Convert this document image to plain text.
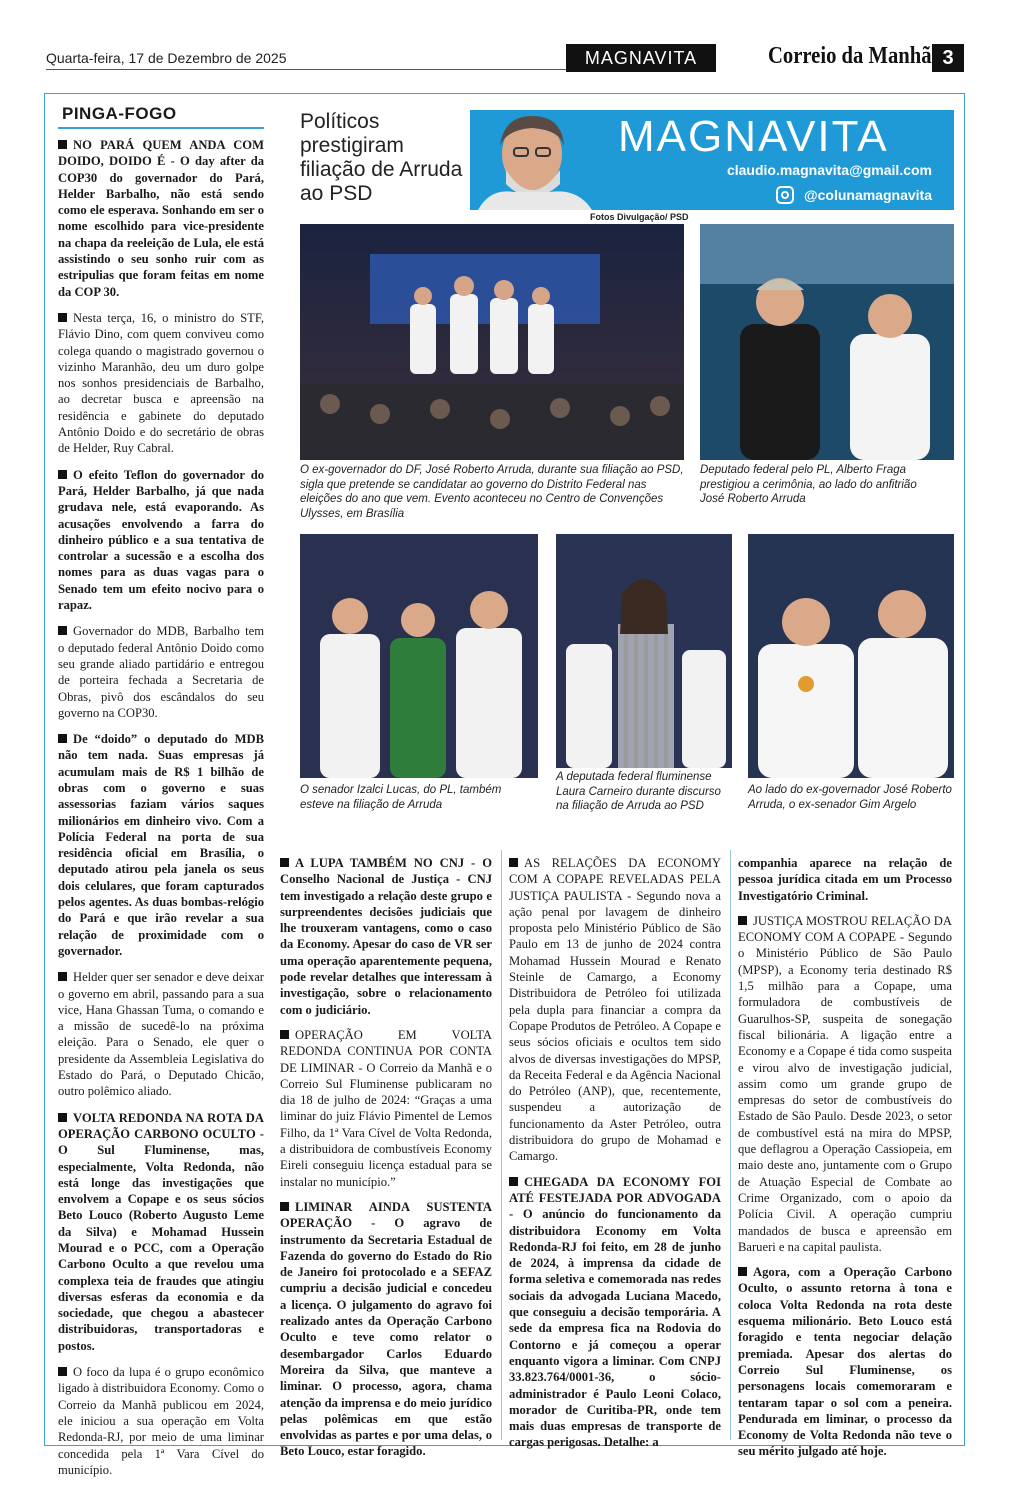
Quarta-feira, 17 de Dezembro de 2025	MAGNAVITA	Correio da Manhã 3
PINGA-FOGO

NO PARÁ QUEM ANDA COM DOIDO, DOIDO É - O day after da COP30 do governador do Pará, Helder Barbalho, não está sendo como ele esperava. Sonhando em ser o nome escolhido para vice-presidente na chapa da reeleição de Lula, ele está assistindo o seu sonho ruir com as estripulias que foram feitas em nome da COP 30.

Nesta terça, 16, o ministro do STF, Flávio Dino, com quem conviveu como colega quando o magistrado governou o vizinho Maranhão, deu um duro golpe nos sonhos presidenciais de Barbalho, ao decretar busca e apreensão na residência e gabinete do deputado Antônio Doido e do secretário de obras de Helder, Ruy Cabral.

O efeito Teflon do governador do Pará, Helder Barbalho, já que nada grudava nele, está evaporando. As acusações envolvendo a farra do dinheiro público e a sua tentativa de controlar a sucessão e a escolha dos nomes para as duas vagas para o Senado tem um efeito nocivo para o rapaz.

Governador do MDB, Barbalho tem o deputado federal Antônio Doido como seu grande aliado partidário e entregou de porteira fechada a Secretaria de Obras, pivô dos escândalos do seu governo na COP30.

De “doido” o deputado do MDB não tem nada. Suas empresas já acumulam mais de R$ 1 bilhão de obras com o governo e suas assessorias faziam vários saques milionários em dinheiro vivo. Com a Polícia Federal na porta de sua residência oficial em Brasília, o deputado atirou pela janela os seus dois celulares, que foram capturados pelos agentes. As duas bombas-relógio do Pará e que irão revelar a sua relação de proximidade com o governador.

Helder quer ser senador e deve deixar o governo em abril, passando para a sua vice, Hana Ghassan Tuma, o comando e a missão de sucedê-lo na próxima eleição. Para o Senado, ele quer o presidente da Assembleia Legislativa do Estado do Pará, o Deputado Chicão, outro polêmico aliado.

VOLTA REDONDA NA ROTA DA OPERAÇÃO CARBONO OCULTO - O Sul Fluminense, mas, especialmente, Volta Redonda, não está longe das investigações que envolvem a Copape e os seus sócios Beto Louco (Roberto Augusto Leme da Silva) e Mohamad Hussein Mourad e o PCC, com a Operação Carbono Oculto a que revelou uma complexa teia de fraudes que atingiu diversas esferas da economia e da sociedade, que chegou a abastecer distribuidoras, transportadoras e postos.

O foco da lupa é o grupo econômico ligado à distribuidora Economy. Como o Correio da Manhã publicou em 2024, ele iniciou a sua operação em Volta Redonda-RJ, por meio de uma liminar concedida pela 1ª Vara Cível do município.

Políticos prestigiram filiação de Arruda ao PSD
MAGNAVITA
claudio.magnavita@gmail.com
@colunamagnavita
Fotos Divulgação/ PSD
O ex-governador do DF, José Roberto Arruda, durante sua filiação ao PSD, sigla que pretende se candidatar ao governo do Distrito Federal nas eleições do ano que vem. Evento aconteceu no Centro de Convenções Ulysses, em Brasília
Deputado federal pelo PL, Alberto Fraga prestigiou a cerimônia, ao lado do anfitrião José Roberto Arruda
O senador Izalci Lucas, do PL, também esteve na filiação de Arruda
A deputada federal fluminense Laura Carneiro durante discurso na filiação de Arruda ao PSD
Ao lado do ex-governador José Roberto Arruda, o ex-senador Gim Argelo

A LUPA TAMBÉM NO CNJ - O Conselho Nacional de Justiça - CNJ tem investigado a relação deste grupo e surpreendentes decisões judiciais que lhe trouxeram vantagens, como o caso da Economy. Apesar do caso de VR ser uma operação aparentemente pequena, pode revelar detalhes que interessam à investigação, sobre o relacionamento com o judiciário.

OPERAÇÃO EM VOLTA REDONDA CONTINUA POR CONTA DE LIMINAR - O Correio da Manhã e o Correio Sul Fluminense publicaram no dia 18 de julho de 2024: “Graças a uma liminar do juiz Flávio Pimentel de Lemos Filho, da 1ª Vara Cível de Volta Redonda, a distribuidora de combustíveis Economy Eireli conseguiu licença estadual para se instalar no município.”

LIMINAR AINDA SUSTENTA OPERAÇÃO - O agravo de instrumento da Secretaria Estadual de Fazenda do governo do Estado do Rio de Janeiro foi protocolado e a SEFAZ cumpriu a decisão judicial e concedeu a licença. O julgamento do agravo foi realizado antes da Operação Carbono Oculto e teve como relator o desembargador Carlos Eduardo Moreira da Silva, que manteve a liminar. O processo, agora, chama atenção da imprensa e do meio jurídico pelas polêmicas em que estão envolvidas as partes e por uma delas, o Beto Louco, estar foragido.

AS RELAÇÕES DA ECONOMY COM A COPAPE REVELADAS PELA JUSTIÇA PAULISTA - Segundo nova a ação penal por lavagem de dinheiro proposta pelo Ministério Público de São Paulo em 13 de junho de 2024 contra Mohamad Hussein Mourad e Renato Steinle de Camargo, a Economy Distribuidora de Petróleo foi utilizada pela dupla para financiar a compra da Copape Produtos de Petróleo. A Copape e seus sócios oficiais e ocultos tem sido alvos de diversas investigações do MPSP, da Receita Federal e da Agência Nacional do Petróleo (ANP), que, recentemente, suspendeu a autorização de funcionamento da Aster Petróleo, outra distribuidora do grupo de Mohamad e Camargo.

CHEGADA DA ECONOMY FOI ATÉ FESTEJADA POR ADVOGADA - O anúncio do funcionamento da distribuidora Economy em Volta Redonda-RJ foi feito, em 28 de junho de 2024, à imprensa da cidade de forma seletiva e comemorada nas redes sociais da advogada Luciana Macedo, que conseguiu a decisão temporária. A sede da empresa fica na Rodovia do Contorno e já começou a operar enquanto vigora a liminar. Com CNPJ 33.823.764/0001-36, o sócio-administrador é Paulo Leoni Colaco, morador de Curitiba-PR, onde tem mais duas empresas de transporte de cargas perigosas. Detalhe: a

companhia aparece na relação de pessoa jurídica citada em um Processo Investigatório Criminal.

JUSTIÇA MOSTROU RELAÇÃO DA ECONOMY COM A COPAPE - Segundo o Ministério Público de São Paulo (MPSP), a Economy teria destinado R$ 1,5 milhão para a Copape, uma formuladora de combustíveis de Guarulhos-SP, suspeita de sonegação fiscal bilionária. A ligação entre a Economy e a Copape é tida como suspeita e virou alvo de investigação judicial, assim como um grande grupo de empresas do setor de combustíveis do Estado de São Paulo. Desde 2023, o setor de combustível está na mira do MPSP, que deflagrou a Operação Cassiopeia, em maio deste ano, juntamente com o Grupo de Atuação Especial de Combate ao Crime Organizado, com o apoio da Polícia Civil. A operação cumpriu mandados de busca e apreensão em Barueri e na capital paulista.

Agora, com a Operação Carbono Oculto, o assunto retorna à tona e coloca Volta Redonda na rota deste esquema milionário. Beto Louco está foragido e tenta negociar delação premiada. Apesar dos alertas do Correio Sul Fluminense, os personagens locais comemoraram e tentaram tapar o sol com a peneira. Pendurada em liminar, o processo da Economy de Volta Redonda não teve o seu mérito julgado até hoje.
